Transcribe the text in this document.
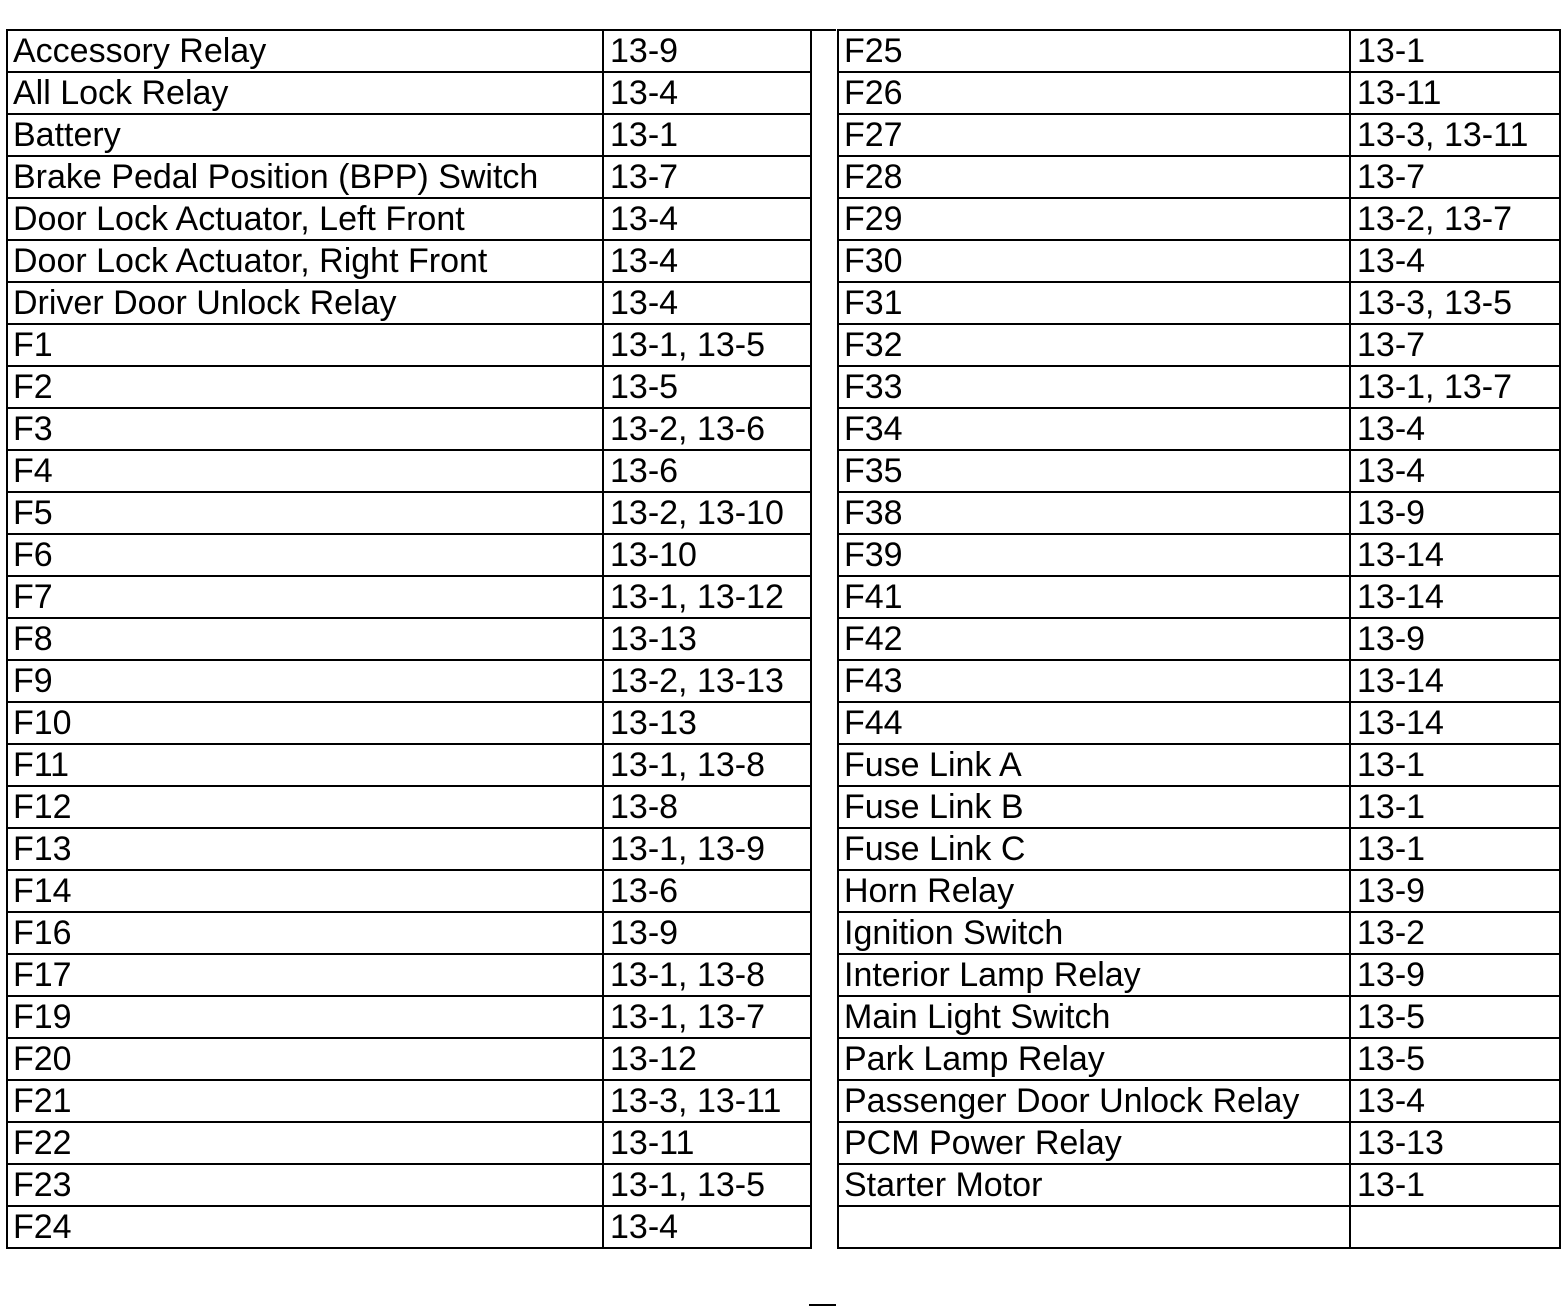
Accessory Relay	13-9
All Lock Relay	13-4
Battery	13-1
Brake Pedal Position (BPP) Switch	13-7
Door Lock Actuator, Left Front	13-4
Door Lock Actuator, Right Front	13-4
Driver Door Unlock Relay	13-4
F1	13-1, 13-5
F2	13-5
F3	13-2, 13-6
F4	13-6
F5	13-2, 13-10
F6	13-10
F7	13-1, 13-12
F8	13-13
F9	13-2, 13-13
F10	13-13
F11	13-1, 13-8
F12	13-8
F13	13-1, 13-9
F14	13-6
F16	13-9
F17	13-1, 13-8
F19	13-1, 13-7
F20	13-12
F21	13-3, 13-11
F22	13-11
F23	13-1, 13-5
F24	13-4
F25	13-1
F26	13-11
F27	13-3, 13-11
F28	13-7
F29	13-2, 13-7
F30	13-4
F31	13-3, 13-5
F32	13-7
F33	13-1, 13-7
F34	13-4
F35	13-4
F38	13-9
F39	13-14
F41	13-14
F42	13-9
F43	13-14
F44	13-14
Fuse Link A	13-1
Fuse Link B	13-1
Fuse Link C	13-1
Horn Relay	13-9
Ignition Switch	13-2
Interior Lamp Relay	13-9
Main Light Switch	13-5
Park Lamp Relay	13-5
Passenger Door Unlock Relay	13-4
PCM Power Relay	13-13
Starter Motor	13-1
